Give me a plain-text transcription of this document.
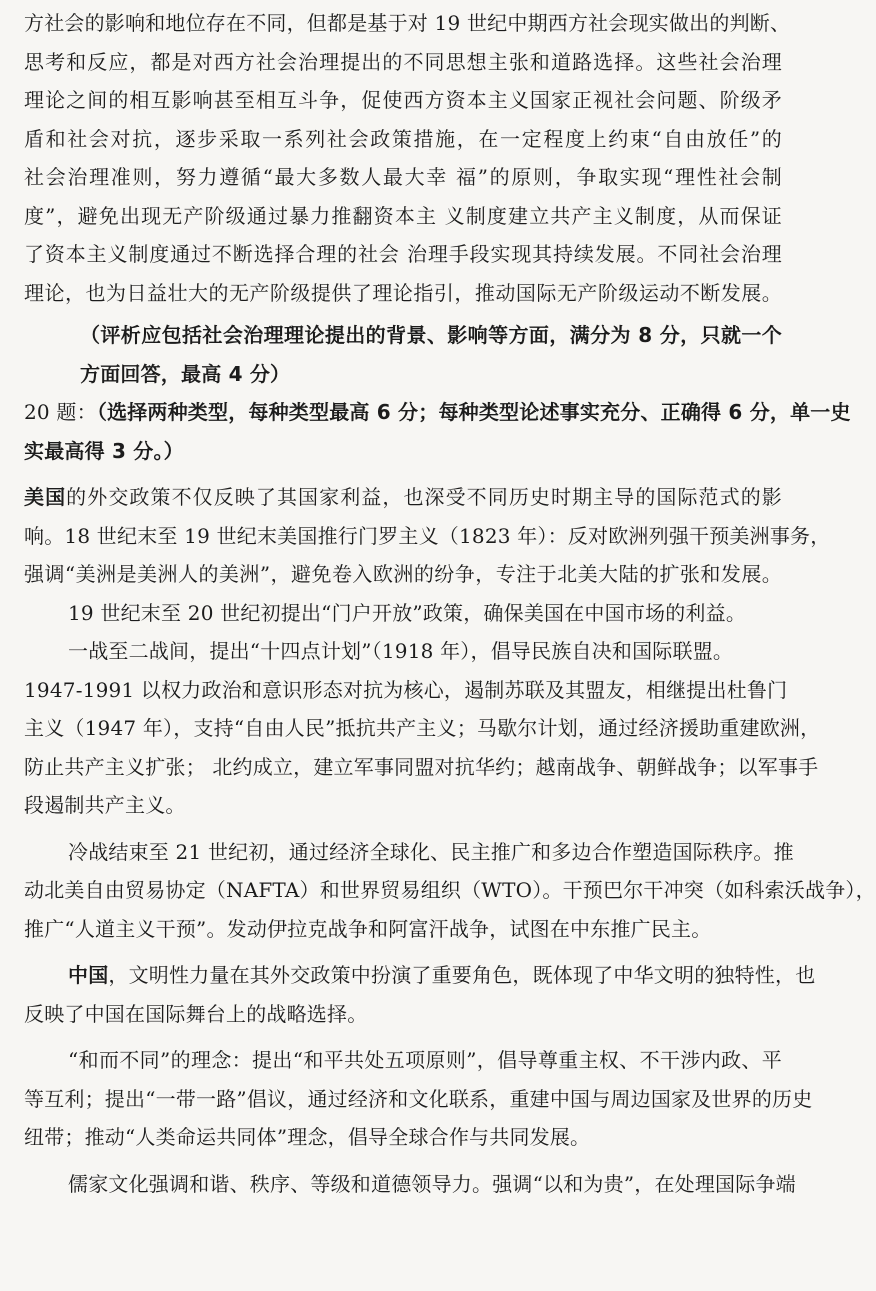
方社会的影响和地位存在不同，但都是基于对 19 世纪中期西方社会现实做出的判断、
思考和反应，都是对西方社会治理提出的不同思想主张和道路选择。这些社会治理
理论之间的相互影响甚至相互斗争，促使西方资本主义国家正视社会问题、阶级矛
盾和社会对抗，逐步采取一系列社会政策措施，在一定程度上约束“自由放任”的
社会治理准则，努力遵循“最大多数人最大幸 福”的原则，争取实现“理性社会制
度”，避免出现无产阶级通过暴力推翻资本主 义制度建立共产主义制度，从而保证
了资本主义制度通过不断选择合理的社会 治理手段实现其持续发展。不同社会治理
理论，也为日益壮大的无产阶级提供了理论指引，推动国际无产阶级运动不断发展。
（评析应包括社会治理理论提出的背景、影响等方面，满分为 8 分，只就一个
方面回答，最高 4 分）
20 题：（选择两种类型，每种类型最高 6 分；每种类型论述事实充分、正确得 6 分，单一史
实最高得 3 分。）
美国的外交政策不仅反映了其国家利益，也深受不同历史时期主导的国际范式的影
响。18 世纪末至 19 世纪末美国推行门罗主义（1823 年）：反对欧洲列强干预美洲事务，
强调“美洲是美洲人的美洲”，避免卷入欧洲的纷争，专注于北美大陆的扩张和发展。
19 世纪末至 20 世纪初提出“门户开放”政策，确保美国在中国市场的利益。
一战至二战间，提出“十四点计划”（1918 年），倡导民族自决和国际联盟。
1947-1991 以权力政治和意识形态对抗为核心，遏制苏联及其盟友，相继提出杜鲁门
主义（1947 年），支持“自由人民”抵抗共产主义；马歇尔计划，通过经济援助重建欧洲，
防止共产主义扩张； 北约成立，建立军事同盟对抗华约；越南战争、朝鲜战争；以军事手
段遏制共产主义。
冷战结束至 21 世纪初，通过经济全球化、民主推广和多边合作塑造国际秩序。推
动北美自由贸易协定（NAFTA）和世界贸易组织（WTO）。干预巴尔干冲突（如科索沃战争），
推广“人道主义干预”。发动伊拉克战争和阿富汗战争，试图在中东推广民主。
中国，文明性力量在其外交政策中扮演了重要角色，既体现了中华文明的独特性，也
反映了中国在国际舞台上的战略选择。
“和而不同”的理念：提出“和平共处五项原则”，倡导尊重主权、不干涉内政、平
等互利；提出“一带一路”倡议，通过经济和文化联系，重建中国与周边国家及世界的历史
纽带；推动“人类命运共同体”理念，倡导全球合作与共同发展。
儒家文化强调和谐、秩序、等级和道德领导力。强调“以和为贵”，在处理国际争端
